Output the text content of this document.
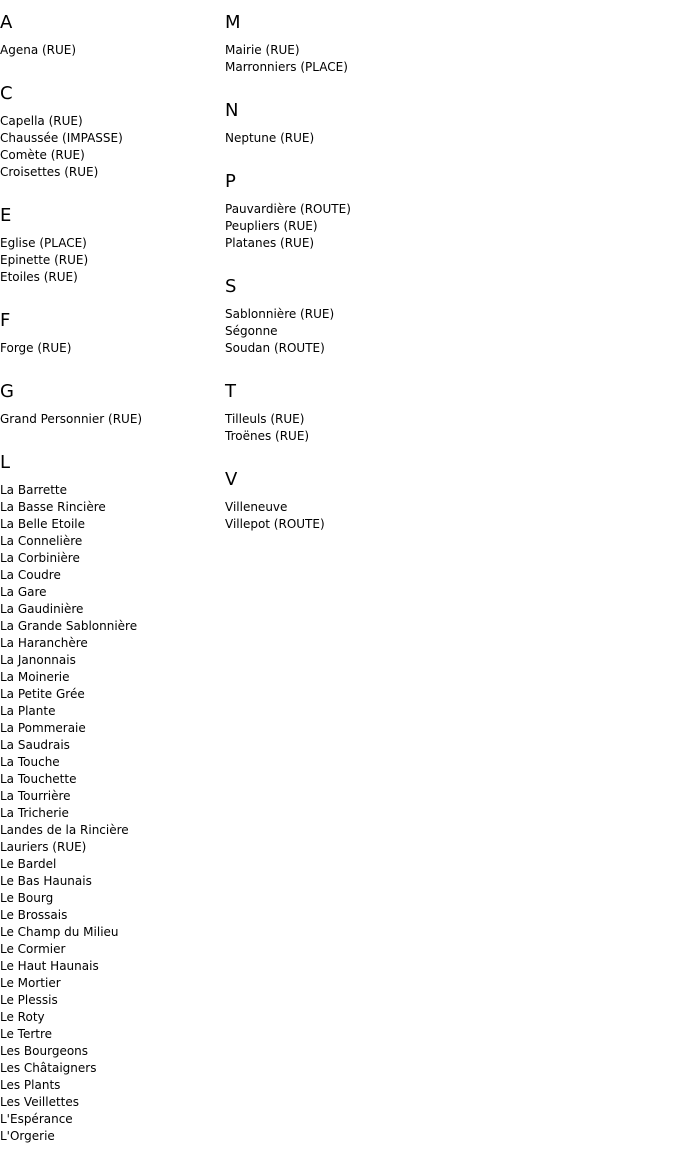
A
Agena (RUE)
C
Capella (RUE)
Chaussée (IMPASSE)
Comète (RUE)
Croisettes (RUE)
E
Eglise (PLACE)
Epinette (RUE)
Etoiles (RUE)
F
Forge (RUE)
G
Grand Personnier (RUE)
L
La Barrette
La Basse Rincière
La Belle Etoile
La Connelière
La Corbinière
La Coudre
La Gare
La Gaudinière
La Grande Sablonnière
La Haranchère
La Janonnais
La Moinerie
La Petite Grée
La Plante
La Pommeraie
La Saudrais
La Touche
La Touchette
La Tourrière
La Tricherie
Landes de la Rincière
Lauriers (RUE)
Le Bardel
Le Bas Haunais
Le Bourg
Le Brossais
Le Champ du Milieu
Le Cormier
Le Haut Haunais
Le Mortier
Le Plessis
Le Roty
Le Tertre
Les Bourgeons
Les Châtaigners
Les Plants
Les Veillettes
L'Espérance
L'Orgerie
M
Mairie (RUE)
Marronniers (PLACE)
N
Neptune (RUE)
P
Pauvardière (ROUTE)
Peupliers (RUE)
Platanes (RUE)
S
Sablonnière (RUE)
Ségonne
Soudan (ROUTE)
T
Tilleuls (RUE)
Troënes (RUE)
V
Villeneuve
Villepot (ROUTE)
